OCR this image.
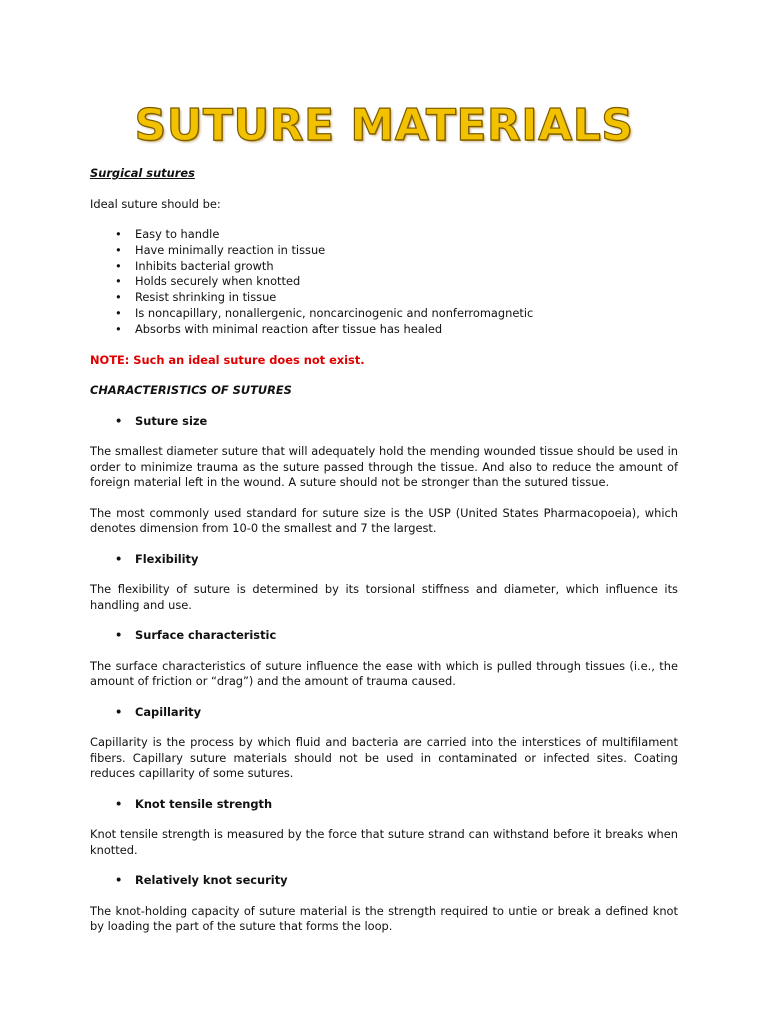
SUTURE MATERIALS
Surgical sutures

Ideal suture should be:

• Easy to handle
• Have minimally reaction in tissue
• Inhibits bacterial growth
• Holds securely when knotted
• Resist shrinking in tissue
• Is noncapillary, nonallergenic, noncarcinogenic and nonferromagnetic
• Absorbs with minimal reaction after tissue has healed
NOTE: Such an ideal suture does not exist.
CHARACTERISTICS OF SUTURES
• Suture size

The smallest diameter suture that will adequately hold the mending wounded tissue should be used in order to minimize trauma as the suture passed through the tissue. And also to reduce the amount of foreign material left in the wound. A suture should not be stronger than the sutured tissue.

The most commonly used standard for suture size is the USP (United States Pharmacopoeia), which denotes dimension from 10-0 the smallest and 7 the largest.

• Flexibility

The flexibility of suture is determined by its torsional stiffness and diameter, which influence its handling and use.

• Surface characteristic

The surface characteristics of suture influence the ease with which is pulled through tissues (i.e., the amount of friction or “drag”) and the amount of trauma caused.

• Capillarity

Capillarity is the process by which fluid and bacteria are carried into the interstices of multifilament fibers. Capillary suture materials should not be used in contaminated or infected sites. Coating reduces capillarity of some sutures.

• Knot tensile strength

Knot tensile strength is measured by the force that suture strand can withstand before it breaks when knotted.

• Relatively knot security

The knot-holding capacity of suture material is the strength required to untie or break a defined knot by loading the part of the suture that forms the loop.
